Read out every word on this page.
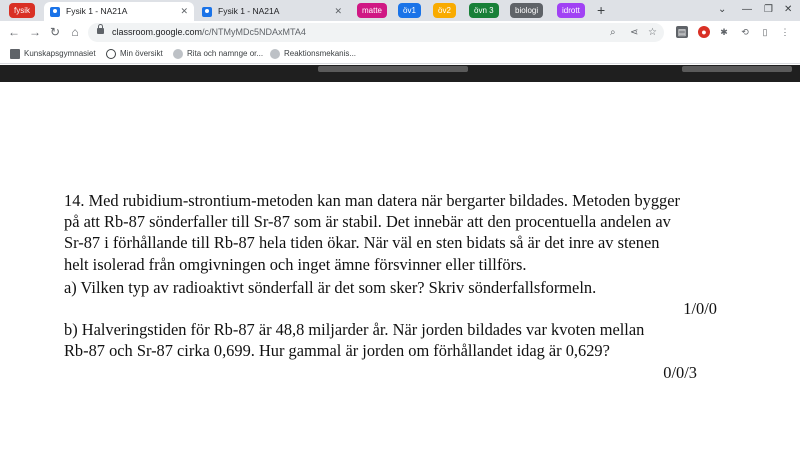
fysik	Fysik 1 - NA21A	✕	Fysik 1 - NA21A	✕	matte	öv1	öv2	övn 3	biologi	idrott	+	⌄ — ❐ ✕
← → ↻ ⌂	classroom.google.com/c/NTMyMDc5NDAxMTA4	⌕ ⋖ ☆ ▤	●	✱ ⟲	▯	⋮
Kunskapsgymnasiet	Min översikt	Rita och namnge or...	Reaktionsmekanis...

14. Med rubidium-strontium-metoden kan man datera när bergarter bildades. Metoden bygger

på att Rb-87 sönderfaller till Sr-87 som är stabil. Det innebär att den procentuella andelen av

Sr-87 i förhållande till Rb-87 hela tiden ökar. När väl en sten bidats så är det inre av stenen

helt isolerad från omgivningen och inget ämne försvinner eller tillförs.

a) Vilken typ av radioaktivt sönderfall är det som sker? Skriv sönderfallsformeln.

1/0/0

b) Halveringstiden för Rb-87 är 48,8 miljarder år. När jorden bildades var kvoten mellan

Rb-87 och Sr-87 cirka 0,699. Hur gammal är jorden om förhållandet idag är 0,629?

0/0/3
